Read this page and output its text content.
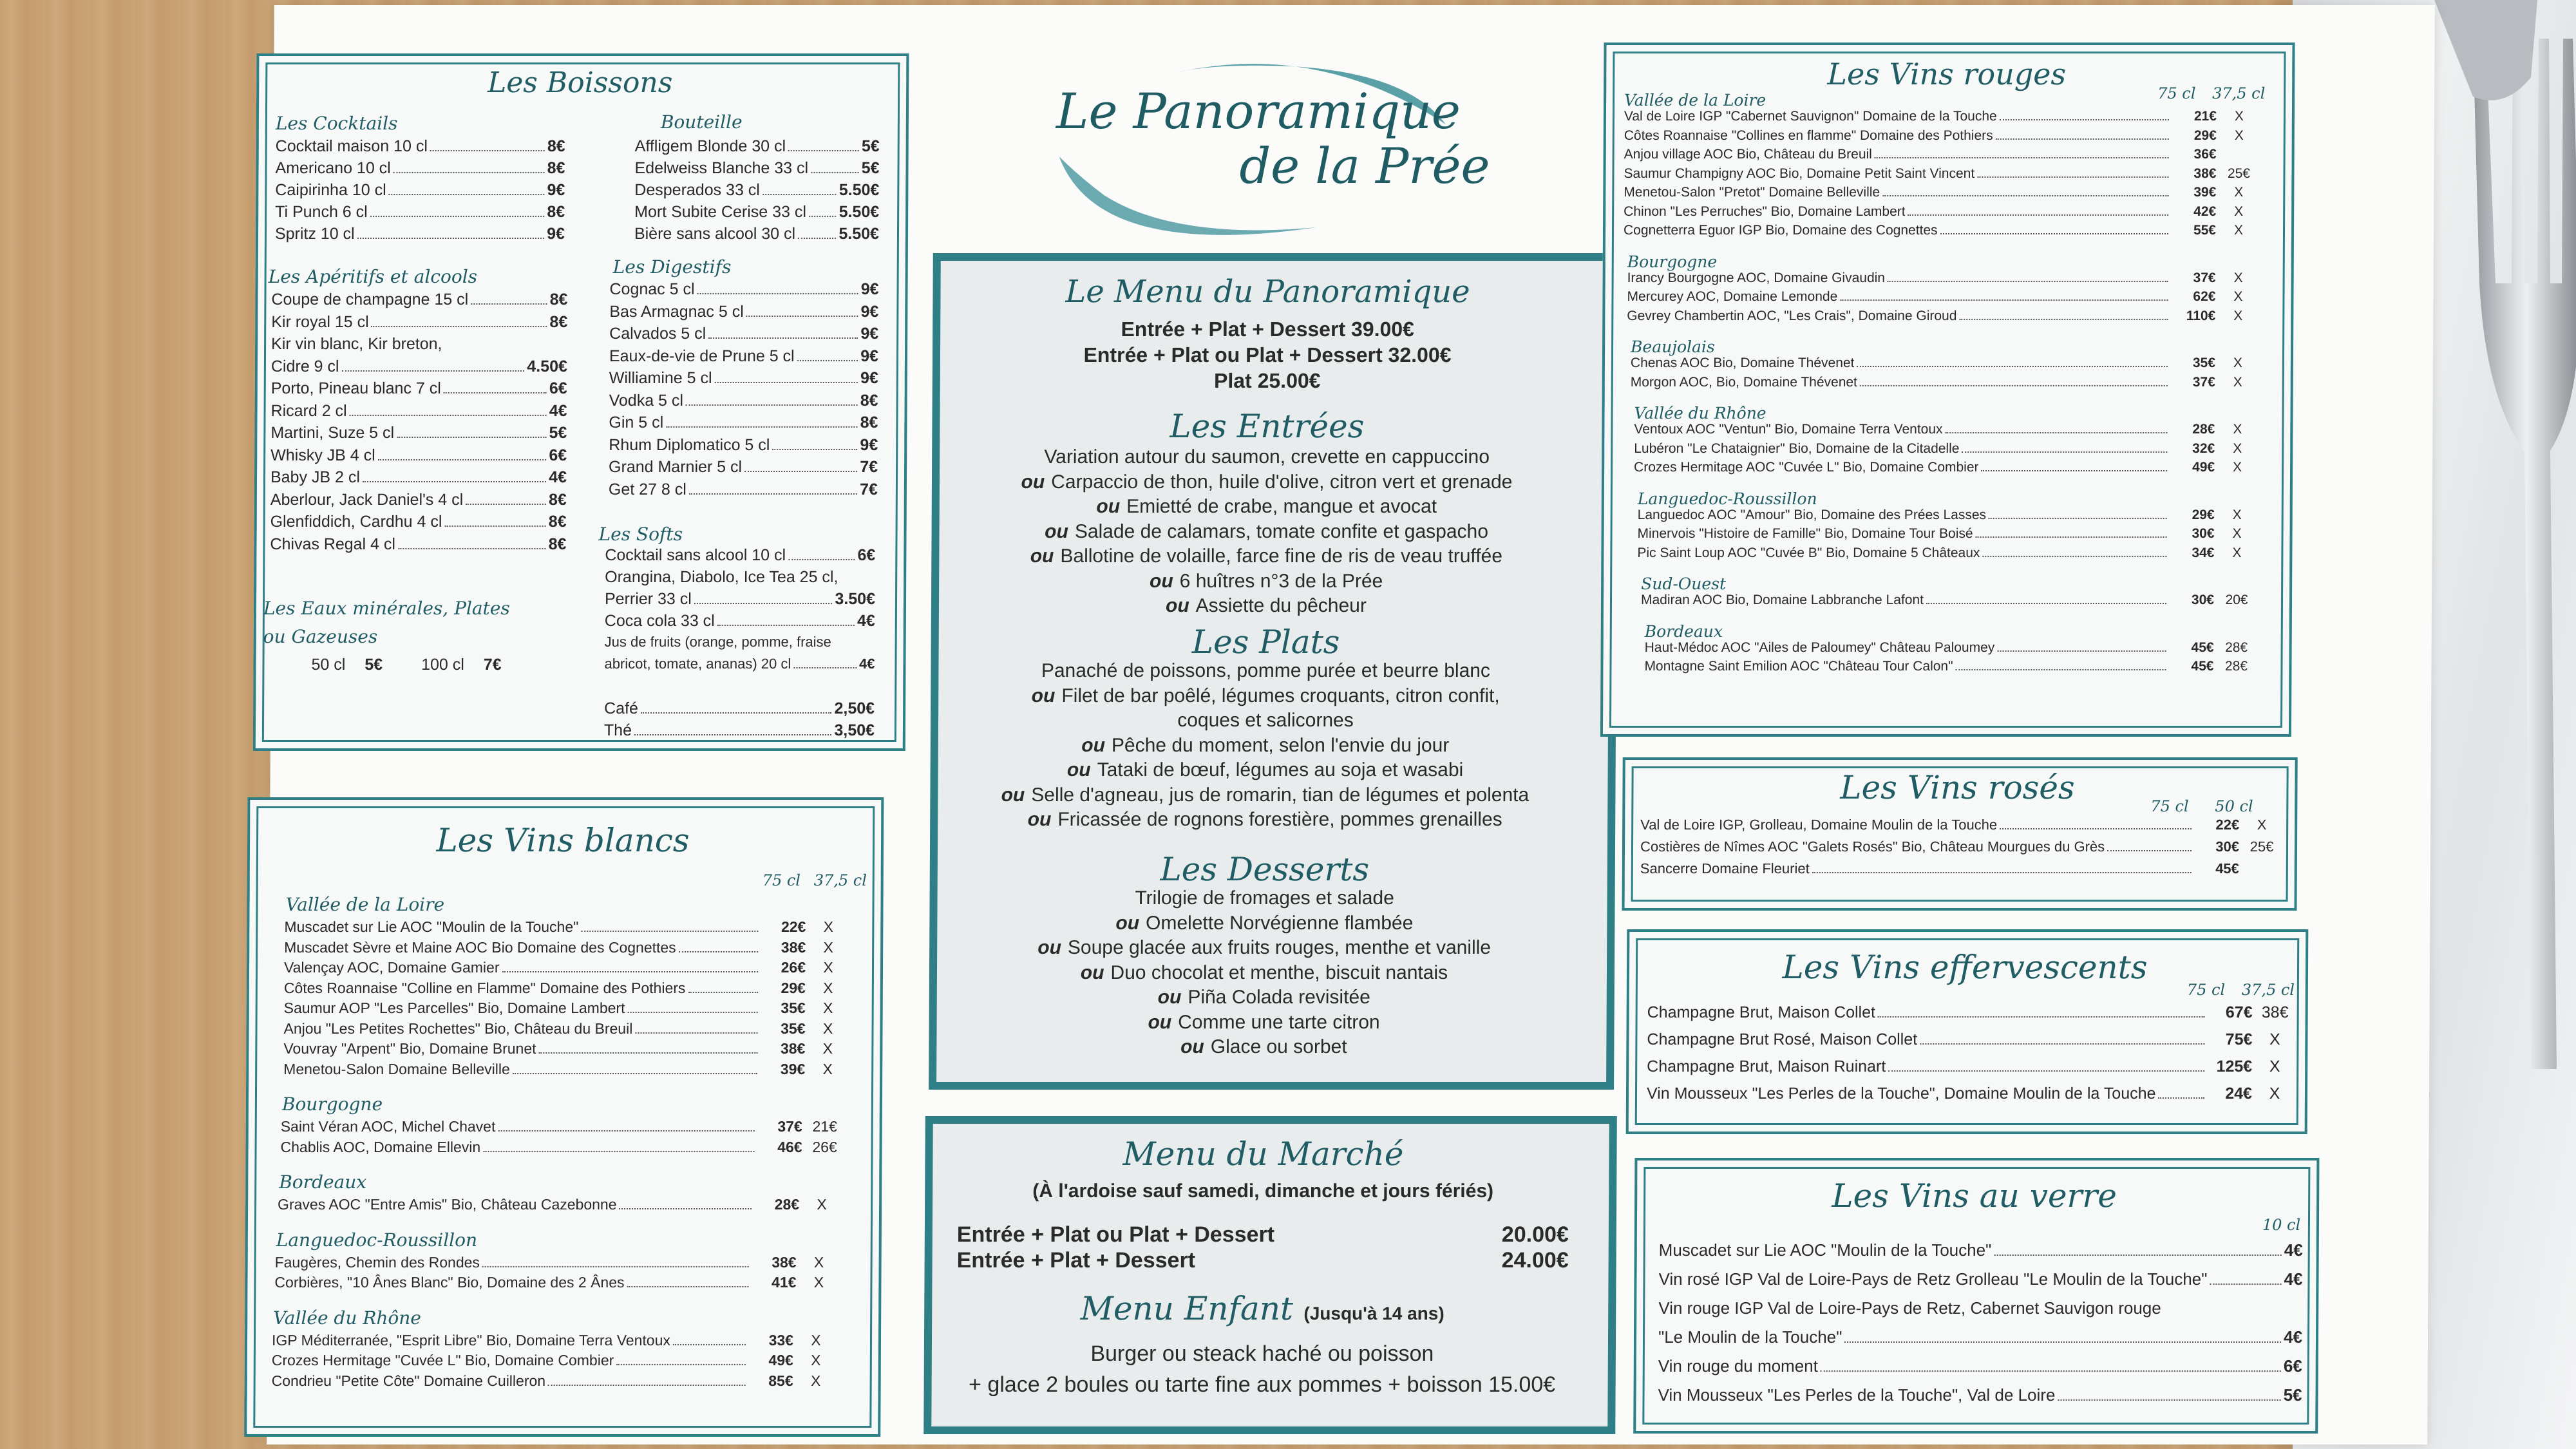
Le Panoramique
de la Prée
Les Boissons
Les Cocktails	Bouteille
Les Apéritifs et alcools	Les Digestifs
Les Softs
Les Eaux minérales, Plates ou Gazeuses
50 cl 5€ 100 cl 7€
Cocktail maison 10 cl	8€
Americano 10 cl	8€
Caipirinha 10 cl	9€
Ti Punch 6 cl	8€
Spritz 10 cl	9€
Coupe de champagne 15 cl	8€
Kir royal 15 cl	8€
Kir vin blanc, Kir breton,
Cidre 9 cl	4.50€
Porto, Pineau blanc 7 cl	6€
Ricard 2 cl	4€
Martini, Suze 5 cl	5€
Whisky JB 4 cl	6€
Baby JB 2 cl	4€
Aberlour, Jack Daniel's 4 cl	8€
Glenfiddich, Cardhu 4 cl	8€
Chivas Regal 4 cl	8€
Affligem Blonde 30 cl	5€
Edelweiss Blanche 33 cl	5€
Desperados 33 cl	5.50€
Mort Subite Cerise 33 cl 5.50€
Bière sans alcool 30 cl	5.50€
Cognac 5 cl	9€
Bas Armagnac 5 cl	9€
Calvados 5 cl	9€
Eaux-de-vie de Prune 5 cl	9€
Williamine 5 cl	9€
Vodka 5 cl	8€
Gin 5 cl	8€
Rhum Diplomatico 5 cl	9€
Grand Marnier 5 cl	7€
Get 27 8 cl	7€
Cocktail sans alcool 10 cl	6€
Orangina, Diabolo, Ice Tea 25 cl,
Perrier 33 cl	3.50€
Coca cola 33 cl	4€
Jus de fruits (orange, pomme, fraise
abricot, tomate, ananas) 20 cl	4€
Café	2,50€
Thé	3,50€
Les Vins blancs
75 cl 37,5 cl
Vallée de la Loire
Muscadet sur Lie AOC "Moulin de la Touche"	22€	X
Muscadet Sèvre et Maine AOC Bio Domaine des Cognettes	38€	X
Valençay AOC, Domaine Gamier	26€	X
Côtes Roannaise "Colline en Flamme" Domaine des Pothiers	29€	X
Saumur AOP "Les Parcelles" Bio, Domaine Lambert	35€	X
Anjou "Les Petites Rochettes" Bio, Château du Breuil	35€	X
Vouvray "Arpent" Bio, Domaine Brunet	38€	X
Menetou-Salon Domaine Belleville	39€	X
Bourgogne
Saint Véran AOC, Michel Chavet	37€ 21€
Chablis AOC, Domaine Ellevin	46€ 26€
Bordeaux
Graves AOC "Entre Amis" Bio, Château Cazebonne	28€	X
Languedoc-Roussillon
Faugères, Chemin des Rondes	38€	X
Corbières, "10 Ânes Blanc" Bio, Domaine des 2 Ânes	41€	X
Vallée du Rhône
IGP Méditerranée, "Esprit Libre" Bio, Domaine Terra Ventoux	33€	X
Crozes Hermitage "Cuvée L" Bio, Domaine Combier	49€	X
Condrieu "Petite Côte" Domaine Cuilleron	85€	X
Le Menu du Panoramique
Entrée + Plat + Dessert 39.00€
Entrée + Plat ou Plat + Dessert 32.00€
Plat 25.00€
Les Entrées
Les Plats
Les Desserts
Variation autour du saumon, crevette en cappuccino
ou Carpaccio de thon, huile d'olive, citron vert et grenade
ou Emietté de crabe, mangue et avocat
ou Salade de calamars, tomate confite et gaspacho
ou Ballotine de volaille, farce fine de ris de veau truffée
ou 6 huîtres n°3 de la Prée
ou Assiette du pêcheur
Panaché de poissons, pomme purée et beurre blanc
ou Filet de bar poêlé, légumes croquants, citron confit,
coques et salicornes
ou Pêche du moment, selon l'envie du jour
ou Tataki de bœuf, légumes au soja et wasabi
ou Selle d'agneau, jus de romarin, tian de légumes et polenta
ou Fricassée de rognons forestière, pommes grenailles
Trilogie de fromages et salade
ou Omelette Norvégienne flambée
ou Soupe glacée aux fruits rouges, menthe et vanille
ou Duo chocolat et menthe, biscuit nantais
ou Piña Colada revisitée
ou Comme une tarte citron
ou Glace ou sorbet
Menu du Marché
(À l'ardoise sauf samedi, dimanche et jours fériés)
Entrée + Plat ou Plat + Dessert	20.00€
Entrée + Plat + Dessert	24.00€
Menu Enfant (Jusqu'à 14 ans)
Burger ou steack haché ou poisson
+ glace 2 boules ou tarte fine aux pommes + boisson 15.00€
Les Vins rouges
75 cl 37,5 cl
Vallée de la Loire
Val de Loire IGP "Cabernet Sauvignon" Domaine de la Touche	21€	X
Côtes Roannaise "Collines en flamme" Domaine des Pothiers	29€	X
Anjou village AOC Bio, Château du Breuil	36€
Saumur Champigny AOC Bio, Domaine Petit Saint Vincent	38€ 25€
Menetou-Salon "Pretot" Domaine Belleville	39€	X
Chinon "Les Perruches" Bio, Domaine Lambert	42€	X
Cognetterra Eguor IGP Bio, Domaine des Cognettes	55€	X
Bourgogne
Irancy Bourgogne AOC, Domaine Givaudin	37€	X
Mercurey AOC, Domaine Lemonde	62€	X
Gevrey Chambertin AOC, "Les Crais", Domaine Giroud	110€	X
Beaujolais
Chenas AOC Bio, Domaine Thévenet	35€	X
Morgon AOC, Bio, Domaine Thévenet	37€	X
Vallée du Rhône
Ventoux AOC "Ventun" Bio, Domaine Terra Ventoux	28€	X
Lubéron "Le Chataignier" Bio, Domaine de la Citadelle	32€	X
Crozes Hermitage AOC "Cuvée L" Bio, Domaine Combier	49€	X
Languedoc-Roussillon
Languedoc AOC "Amour" Bio, Domaine des Prées Lasses	29€	X
Minervois "Histoire de Famille" Bio, Domaine Tour Boisé	30€	X
Pic Saint Loup AOC "Cuvée B" Bio, Domaine 5 Châteaux	34€	X
Sud-Ouest
Madiran AOC Bio, Domaine Labbranche Lafont	30€ 20€
Bordeaux
Haut-Médoc AOC "Ailes de Paloumey" Château Paloumey	45€ 28€
Montagne Saint Emilion AOC "Château Tour Calon"	45€ 28€
Les Vins rosés	75 cl 50 cl
Val de Loire IGP, Grolleau, Domaine Moulin de la Touche	22€	X
Costières de Nîmes AOC "Galets Rosés" Bio, Château Mourgues du Grès	30€ 25€
Sancerre Domaine Fleuriet	45€
Les Vins effervescents
75 cl 37,5 cl
Champagne Brut, Maison Collet	67€ 38€
Champagne Brut Rosé, Maison Collet	75€	X
Champagne Brut, Maison Ruinart	125€	X
Vin Mousseux "Les Perles de la Touche", Domaine Moulin de la Touche	24€	X
Les Vins au verre
10 cl
Muscadet sur Lie AOC "Moulin de la Touche"	4€
Vin rosé IGP Val de Loire-Pays de Retz Grolleau "Le Moulin de la Touche"	4€
Vin rouge IGP Val de Loire-Pays de Retz, Cabernet Sauvigon rouge
"Le Moulin de la Touche"	4€
Vin rouge du moment	6€
Vin Mousseux "Les Perles de la Touche", Val de Loire	5€
